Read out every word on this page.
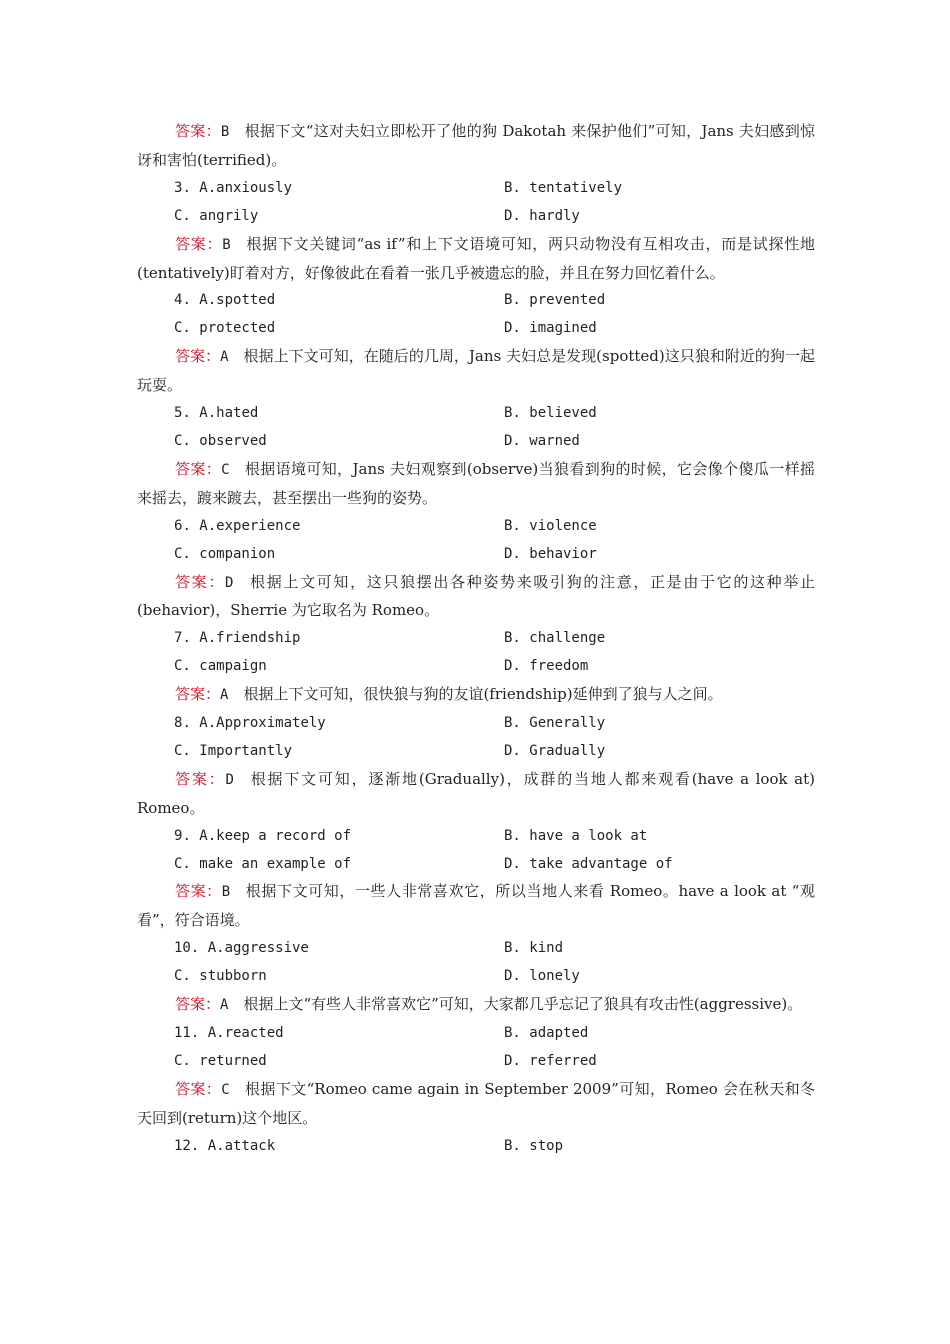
答案：B  根据下文“这对夫妇立即松开了他的狗 Dakotah 来保护他们”可知，Jans 夫妇感到惊讶和害怕(terrified)。

3. A.anxiously	B. tentatively
C. angrily	D. hardly

答案：B  根据下文关键词“as if”和上下文语境可知，两只动物没有互相攻击，而是试探性地(tentatively)盯着对方，好像彼此在看着一张几乎被遗忘的脸，并且在努力回忆着什么。

4. A.spotted	B. prevented
C. protected	D. imagined

答案：A  根据上下文可知，在随后的几周，Jans 夫妇总是发现(spotted)这只狼和附近的狗一起玩耍。

5. A.hated	B. believed
C. observed	D. warned

答案：C  根据语境可知，Jans 夫妇观察到(observe)当狼看到狗的时候，它会像个傻瓜一样摇来摇去，踱来踱去，甚至摆出一些狗的姿势。

6. A.experience	B. violence
C. companion	D. behavior

答案：D  根据上文可知，这只狼摆出各种姿势来吸引狗的注意，正是由于它的这种举止(behavior)，Sherrie 为它取名为 Romeo。

7. A.friendship	B. challenge
C. campaign	D. freedom

答案：A  根据上下文可知，很快狼与狗的友谊(friendship)延伸到了狼与人之间。

8. A.Approximately	B. Generally
C. Importantly	D. Gradually

答案：D  根据下文可知，逐渐地(Gradually)，成群的当地人都来观看(have a look at) Romeo。

9. A.keep a record of	B. have a look at
C. make an example of	D. take advantage of

答案：B  根据下文可知，一些人非常喜欢它，所以当地人来看 Romeo。have a look at “观看”，符合语境。

10. A.aggressive	B. kind
C. stubborn	D. lonely

答案：A  根据上文“有些人非常喜欢它”可知，大家都几乎忘记了狼具有攻击性(aggressive)。

11. A.reacted	B. adapted
C. returned	D. referred

答案：C  根据下文“Romeo came again in September 2009”可知，Romeo 会在秋天和冬天回到(return)这个地区。

12. A.attack	B. stop
